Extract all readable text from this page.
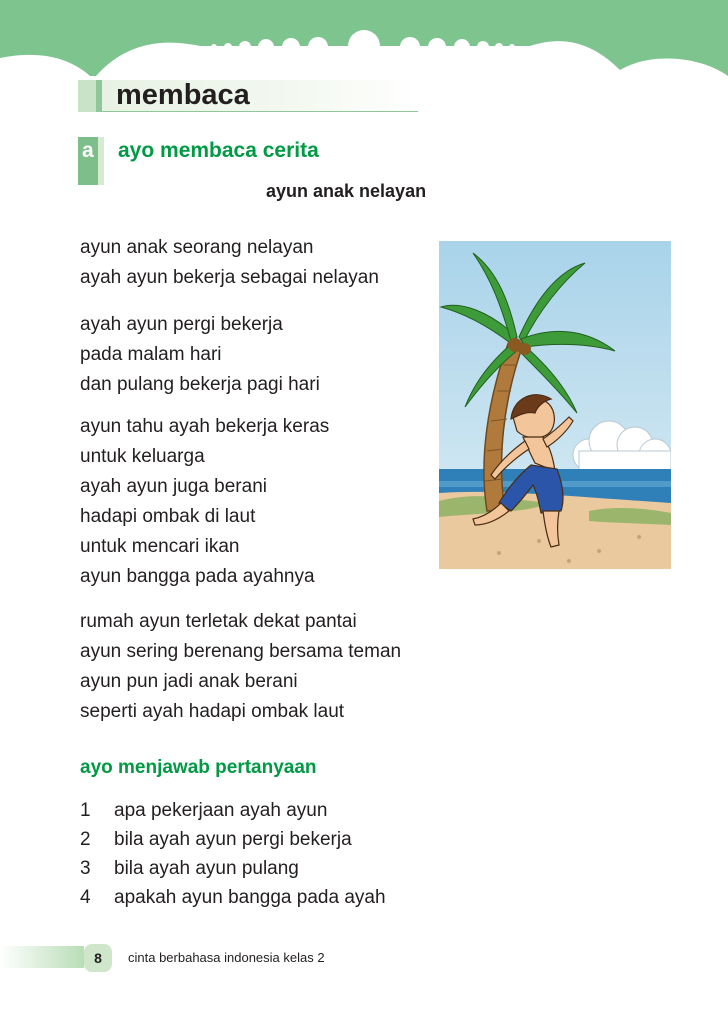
membaca
a ayo membaca cerita
ayun anak nelayan
ayun anak seorang nelayan
ayah ayun bekerja sebagai nelayan
ayah ayun pergi bekerja
pada malam hari
dan pulang bekerja pagi hari
ayun tahu ayah bekerja keras
untuk keluarga
ayah ayun juga berani
hadapi ombak di laut
untuk mencari ikan
ayun bangga pada ayahnya
rumah ayun terletak dekat pantai
ayun sering berenang bersama teman
ayun pun jadi anak berani
seperti ayah hadapi ombak laut
ayo menjawab pertanyaan
1 apa pekerjaan ayah ayun
2 bila ayah ayun pergi bekerja
3 bila ayah ayun pulang
4 apakah ayun bangga pada ayah
8	cinta berbahasa indonesia kelas 2
